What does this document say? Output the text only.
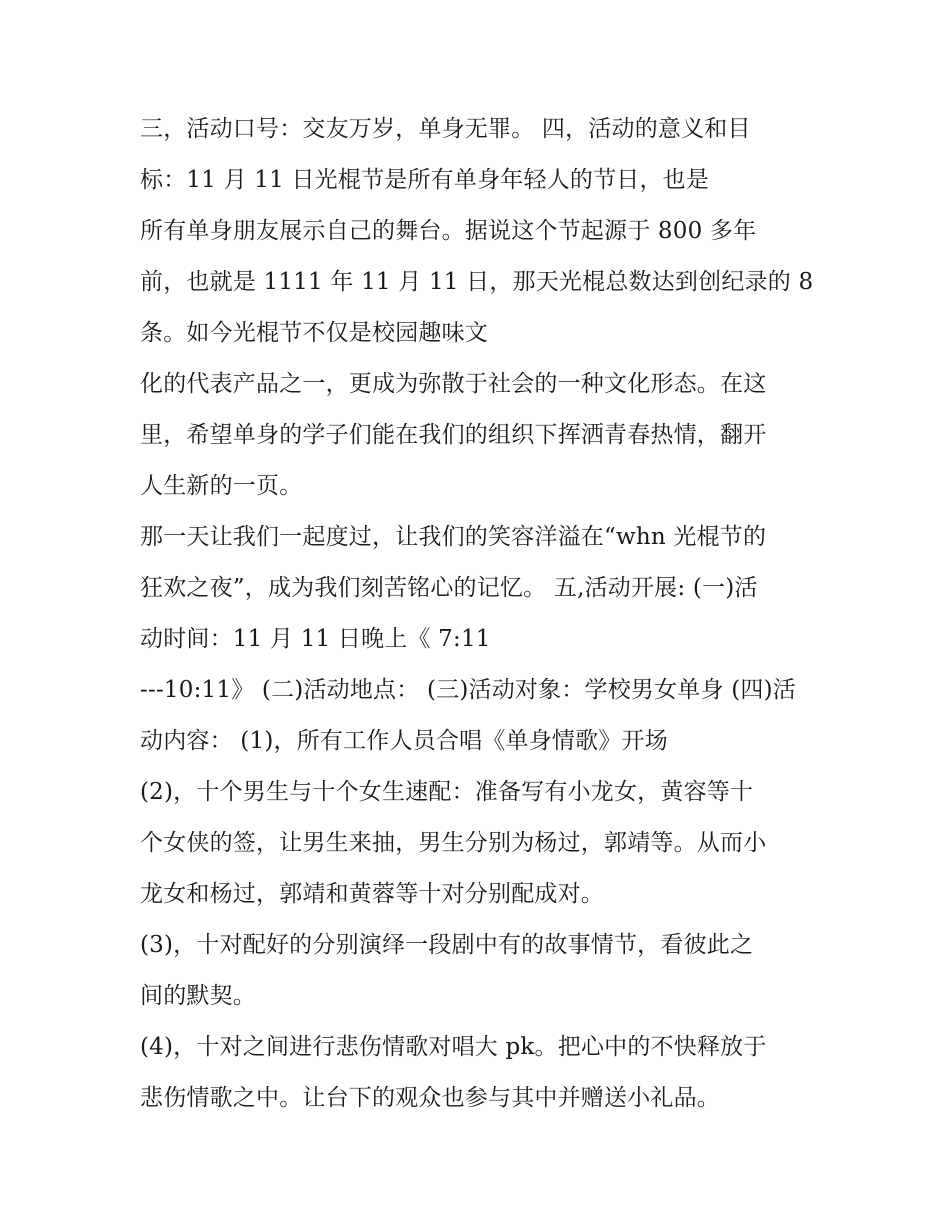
三，活动口号：交友万岁，单身无罪。 四，活动的意义和目
标：11 月 11 日光棍节是所有单身年轻人的节日，也是
所有单身朋友展示自己的舞台。据说这个节起源于 800 多年
前，也就是 1111 年 11 月 11 日，那天光棍总数达到创纪录的 8
条。如今光棍节不仅是校园趣味文
化的代表产品之一，更成为弥散于社会的一种文化形态。在这
里，希望单身的学子们能在我们的组织下挥洒青春热情，翻开
人生新的一页。
那一天让我们一起度过，让我们的笑容洋溢在“whn 光棍节的
狂欢之夜”，成为我们刻苦铭心的记忆。 五,活动开展: (一)活
动时间：11 月 11 日晚上《 7:11
---10:11》 (二)活动地点： (三)活动对象：学校男女单身 (四)活
动内容： (1)，所有工作人员合唱《单身情歌》开场
(2)，十个男生与十个女生速配：准备写有小龙女，黄容等十
个女侠的签，让男生来抽，男生分别为杨过，郭靖等。从而小
龙女和杨过，郭靖和黄蓉等十对分别配成对。
(3)，十对配好的分别演绎一段剧中有的故事情节，看彼此之
间的默契。
(4)，十对之间进行悲伤情歌对唱大 pk。把心中的不快释放于
悲伤情歌之中。让台下的观众也参与其中并赠送小礼品。
